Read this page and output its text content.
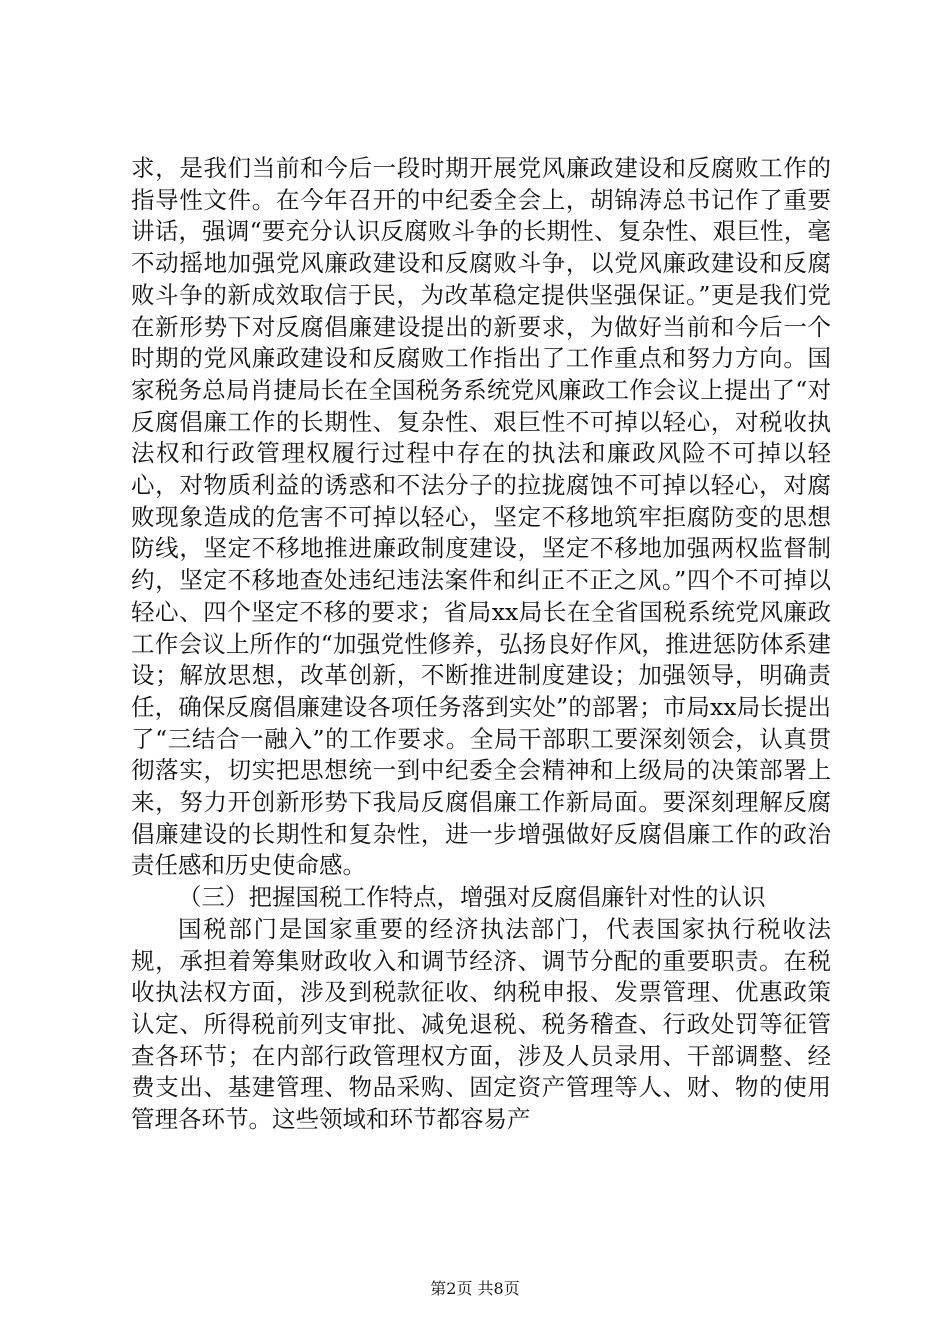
求，是我们当前和今后一段时期开展党风廉政建设和反腐败工作的指导性文件。在今年召开的中纪委全会上，胡锦涛总书记作了重要讲话，强调“要充分认识反腐败斗争的长期性、复杂性、艰巨性，毫不动摇地加强党风廉政建设和反腐败斗争，以党风廉政建设和反腐败斗争的新成效取信于民，为改革稳定提供坚强保证。”更是我们党在新形势下对反腐倡廉建设提出的新要求，为做好当前和今后一个时期的党风廉政建设和反腐败工作指出了工作重点和努力方向。国家税务总局肖捷局长在全国税务系统党风廉政工作会议上提出了“对反腐倡廉工作的长期性、复杂性、艰巨性不可掉以轻心，对税收执法权和行政管理权履行过程中存在的执法和廉政风险不可掉以轻心，对物质利益的诱惑和不法分子的拉拢腐蚀不可掉以轻心，对腐败现象造成的危害不可掉以轻心，坚定不移地筑牢拒腐防变的思想防线，坚定不移地推进廉政制度建设，坚定不移地加强两权监督制约，坚定不移地查处违纪违法案件和纠正不正之风。”四个不可掉以轻心、四个坚定不移的要求；省局xx局长在全省国税系统党风廉政工作会议上所作的“加强党性修养，弘扬良好作风，推进惩防体系建设；解放思想，改革创新，不断推进制度建设；加强领导，明确责任，确保反腐倡廉建设各项任务落到实处”的部署；市局xx局长提出了“三结合一融入”的工作要求。全局干部职工要深刻领会，认真贯彻落实，切实把思想统一到中纪委全会精神和上级局的决策部署上来，努力开创新形势下我局反腐倡廉工作新局面。要深刻理解反腐倡廉建设的长期性和复杂性，进一步增强做好反腐倡廉工作的政治责任感和历史使命感。

（三）把握国税工作特点，增强对反腐倡廉针对性的认识

国税部门是国家重要的经济执法部门，代表国家执行税收法规，承担着筹集财政收入和调节经济、调节分配的重要职责。在税收执法权方面，涉及到税款征收、纳税申报、发票管理、优惠政策认定、所得税前列支审批、减免退税、税务稽查、行政处罚等征管查各环节；在内部行政管理权方面，涉及人员录用、干部调整、经费支出、基建管理、物品采购、固定资产管理等人、财、物的使用管理各环节。这些领域和环节都容易产

第2页 共8页
